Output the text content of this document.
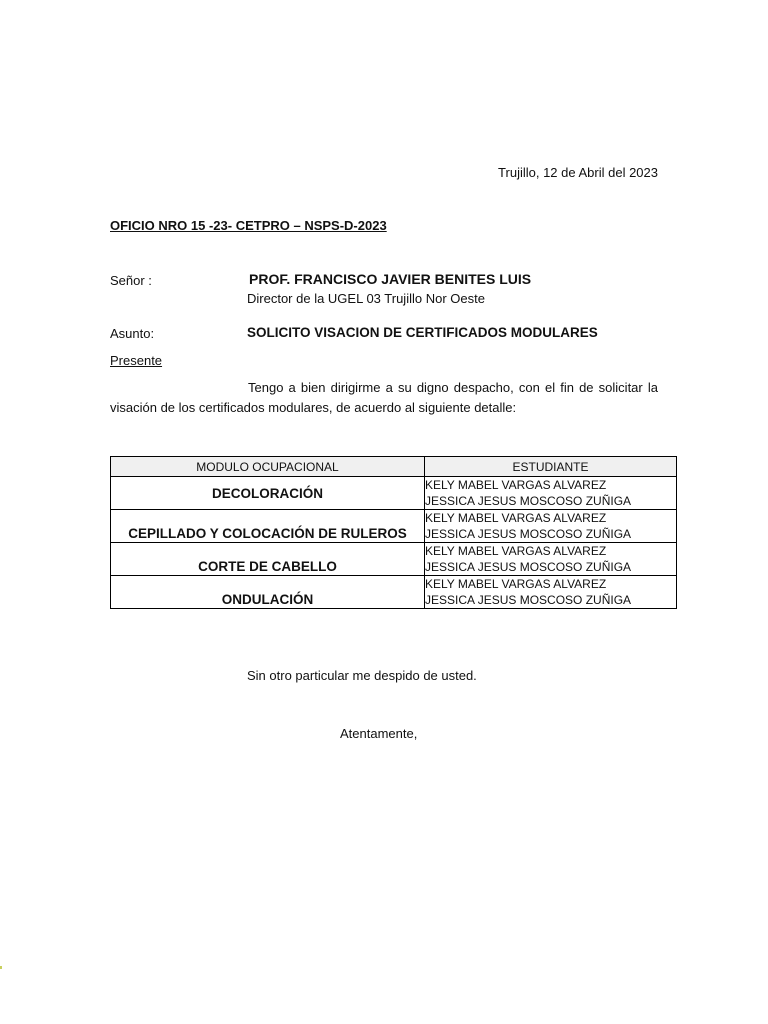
Trujillo, 12 de Abril del 2023
OFICIO NRO 15 -23- CETPRO – NSPS-D-2023
Señor :	PROF. FRANCISCO JAVIER BENITES LUIS
Director de la UGEL 03 Trujillo Nor Oeste
Asunto:	SOLICITO VISACION DE CERTIFICADOS MODULARES
Presente
Tengo a bien dirigirme a su digno despacho, con el fin de solicitar la visación de los certificados modulares, de acuerdo al siguiente detalle:
MODULO OCUPACIONAL	ESTUDIANTE
DECOLORACIÓN	KELY MABEL VARGAS ALVAREZ
JESSICA JESUS MOSCOSO ZUÑIGA

CEPILLADO Y COLOCACIÓN DE RULEROS	KELY MABEL VARGAS ALVAREZ
JESSICA JESUS MOSCOSO ZUÑIGA

CORTE DE CABELLO	KELY MABEL VARGAS ALVAREZ
JESSICA JESUS MOSCOSO ZUÑIGA

ONDULACIÓN	KELY MABEL VARGAS ALVAREZ
JESSICA JESUS MOSCOSO ZUÑIGA
Sin otro particular me despido de usted.
Atentamente,
